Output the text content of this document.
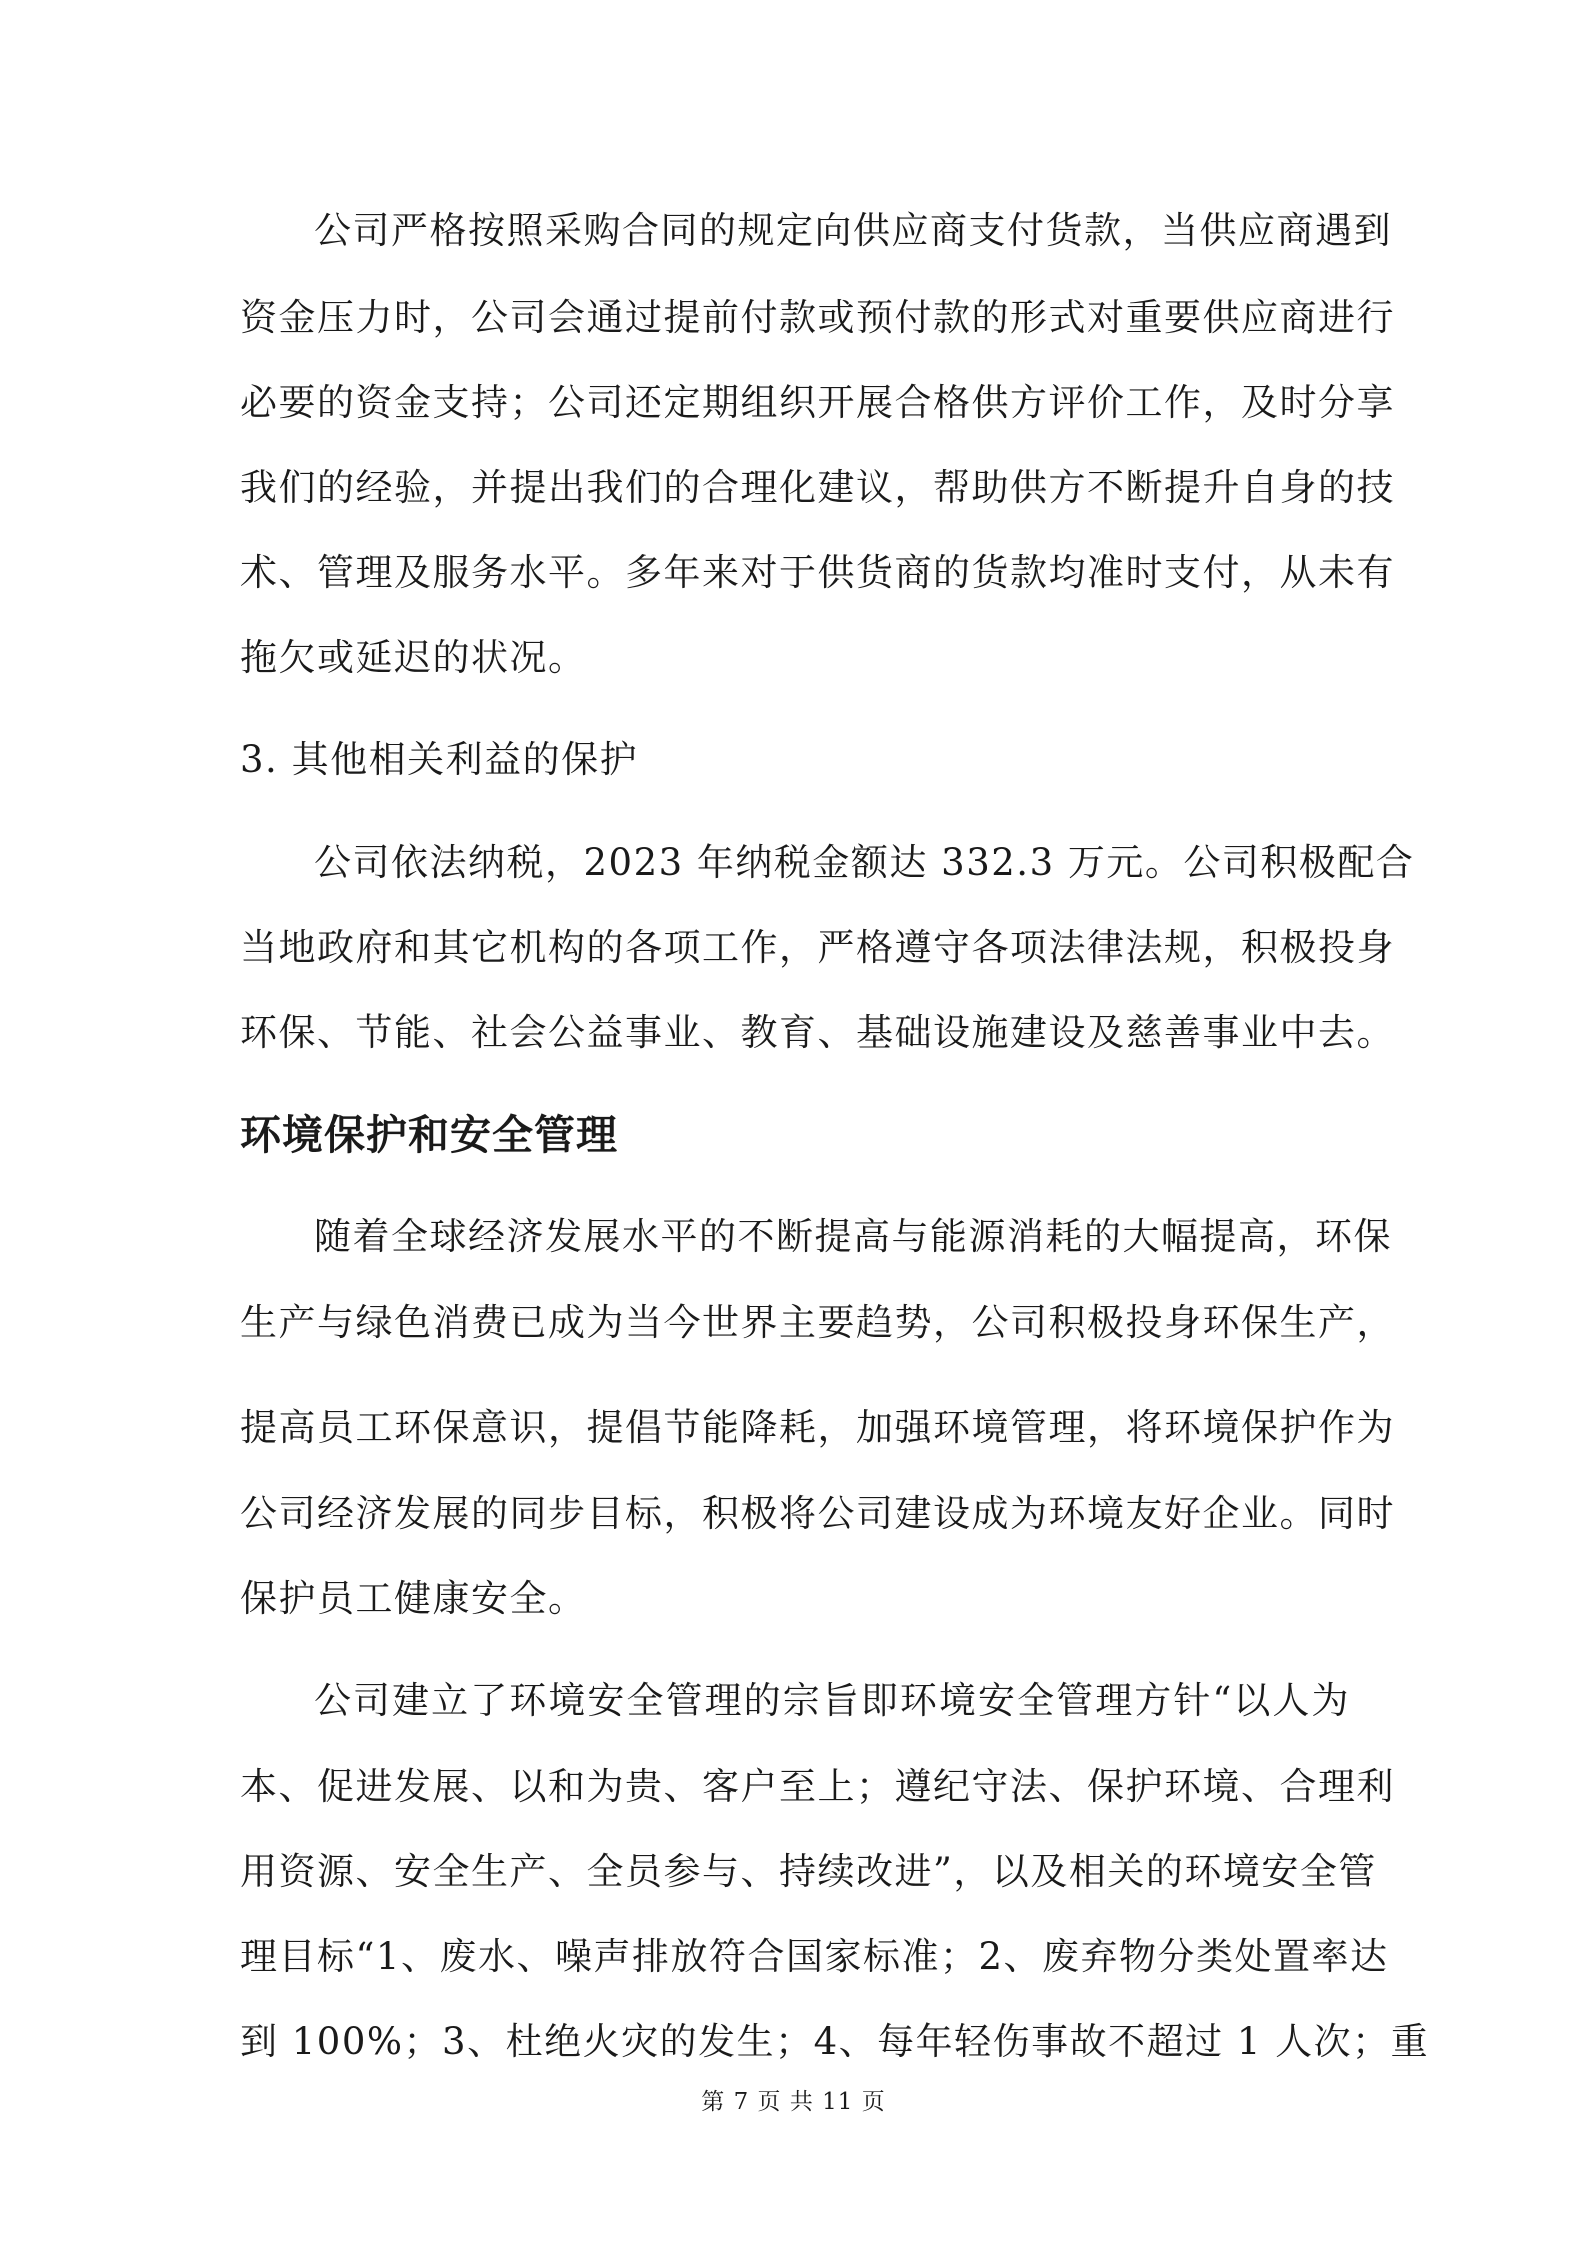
公司严格按照采购合同的规定向供应商支付货款，当供应商遇到
资金压力时，公司会通过提前付款或预付款的形式对重要供应商进行
必要的资金支持；公司还定期组织开展合格供方评价工作，及时分享
我们的经验，并提出我们的合理化建议，帮助供方不断提升自身的技
术、管理及服务水平。多年来对于供货商的货款均准时支付，从未有
拖欠或延迟的状况。
3. 其他相关利益的保护
公司依法纳税，2023 年纳税金额达 332.3 万元。公司积极配合
当地政府和其它机构的各项工作，严格遵守各项法律法规，积极投身
环保、节能、社会公益事业、教育、基础设施建设及慈善事业中去。
环境保护和安全管理
随着全球经济发展水平的不断提高与能源消耗的大幅提高，环保
生产与绿色消费已成为当今世界主要趋势，公司积极投身环保生产，
提高员工环保意识，提倡节能降耗，加强环境管理，将环境保护作为
公司经济发展的同步目标，积极将公司建设成为环境友好企业。同时
保护员工健康安全。
公司建立了环境安全管理的宗旨即环境安全管理方针“以人为
本、促进发展、以和为贵、客户至上；遵纪守法、保护环境、合理利
用资源、安全生产、全员参与、持续改进”，以及相关的环境安全管
理目标“1、废水、噪声排放符合国家标准；2、废弃物分类处置率达
到 100%；3、杜绝火灾的发生；4、每年轻伤事故不超过 1 人次；重
第 7 页 共 11 页
